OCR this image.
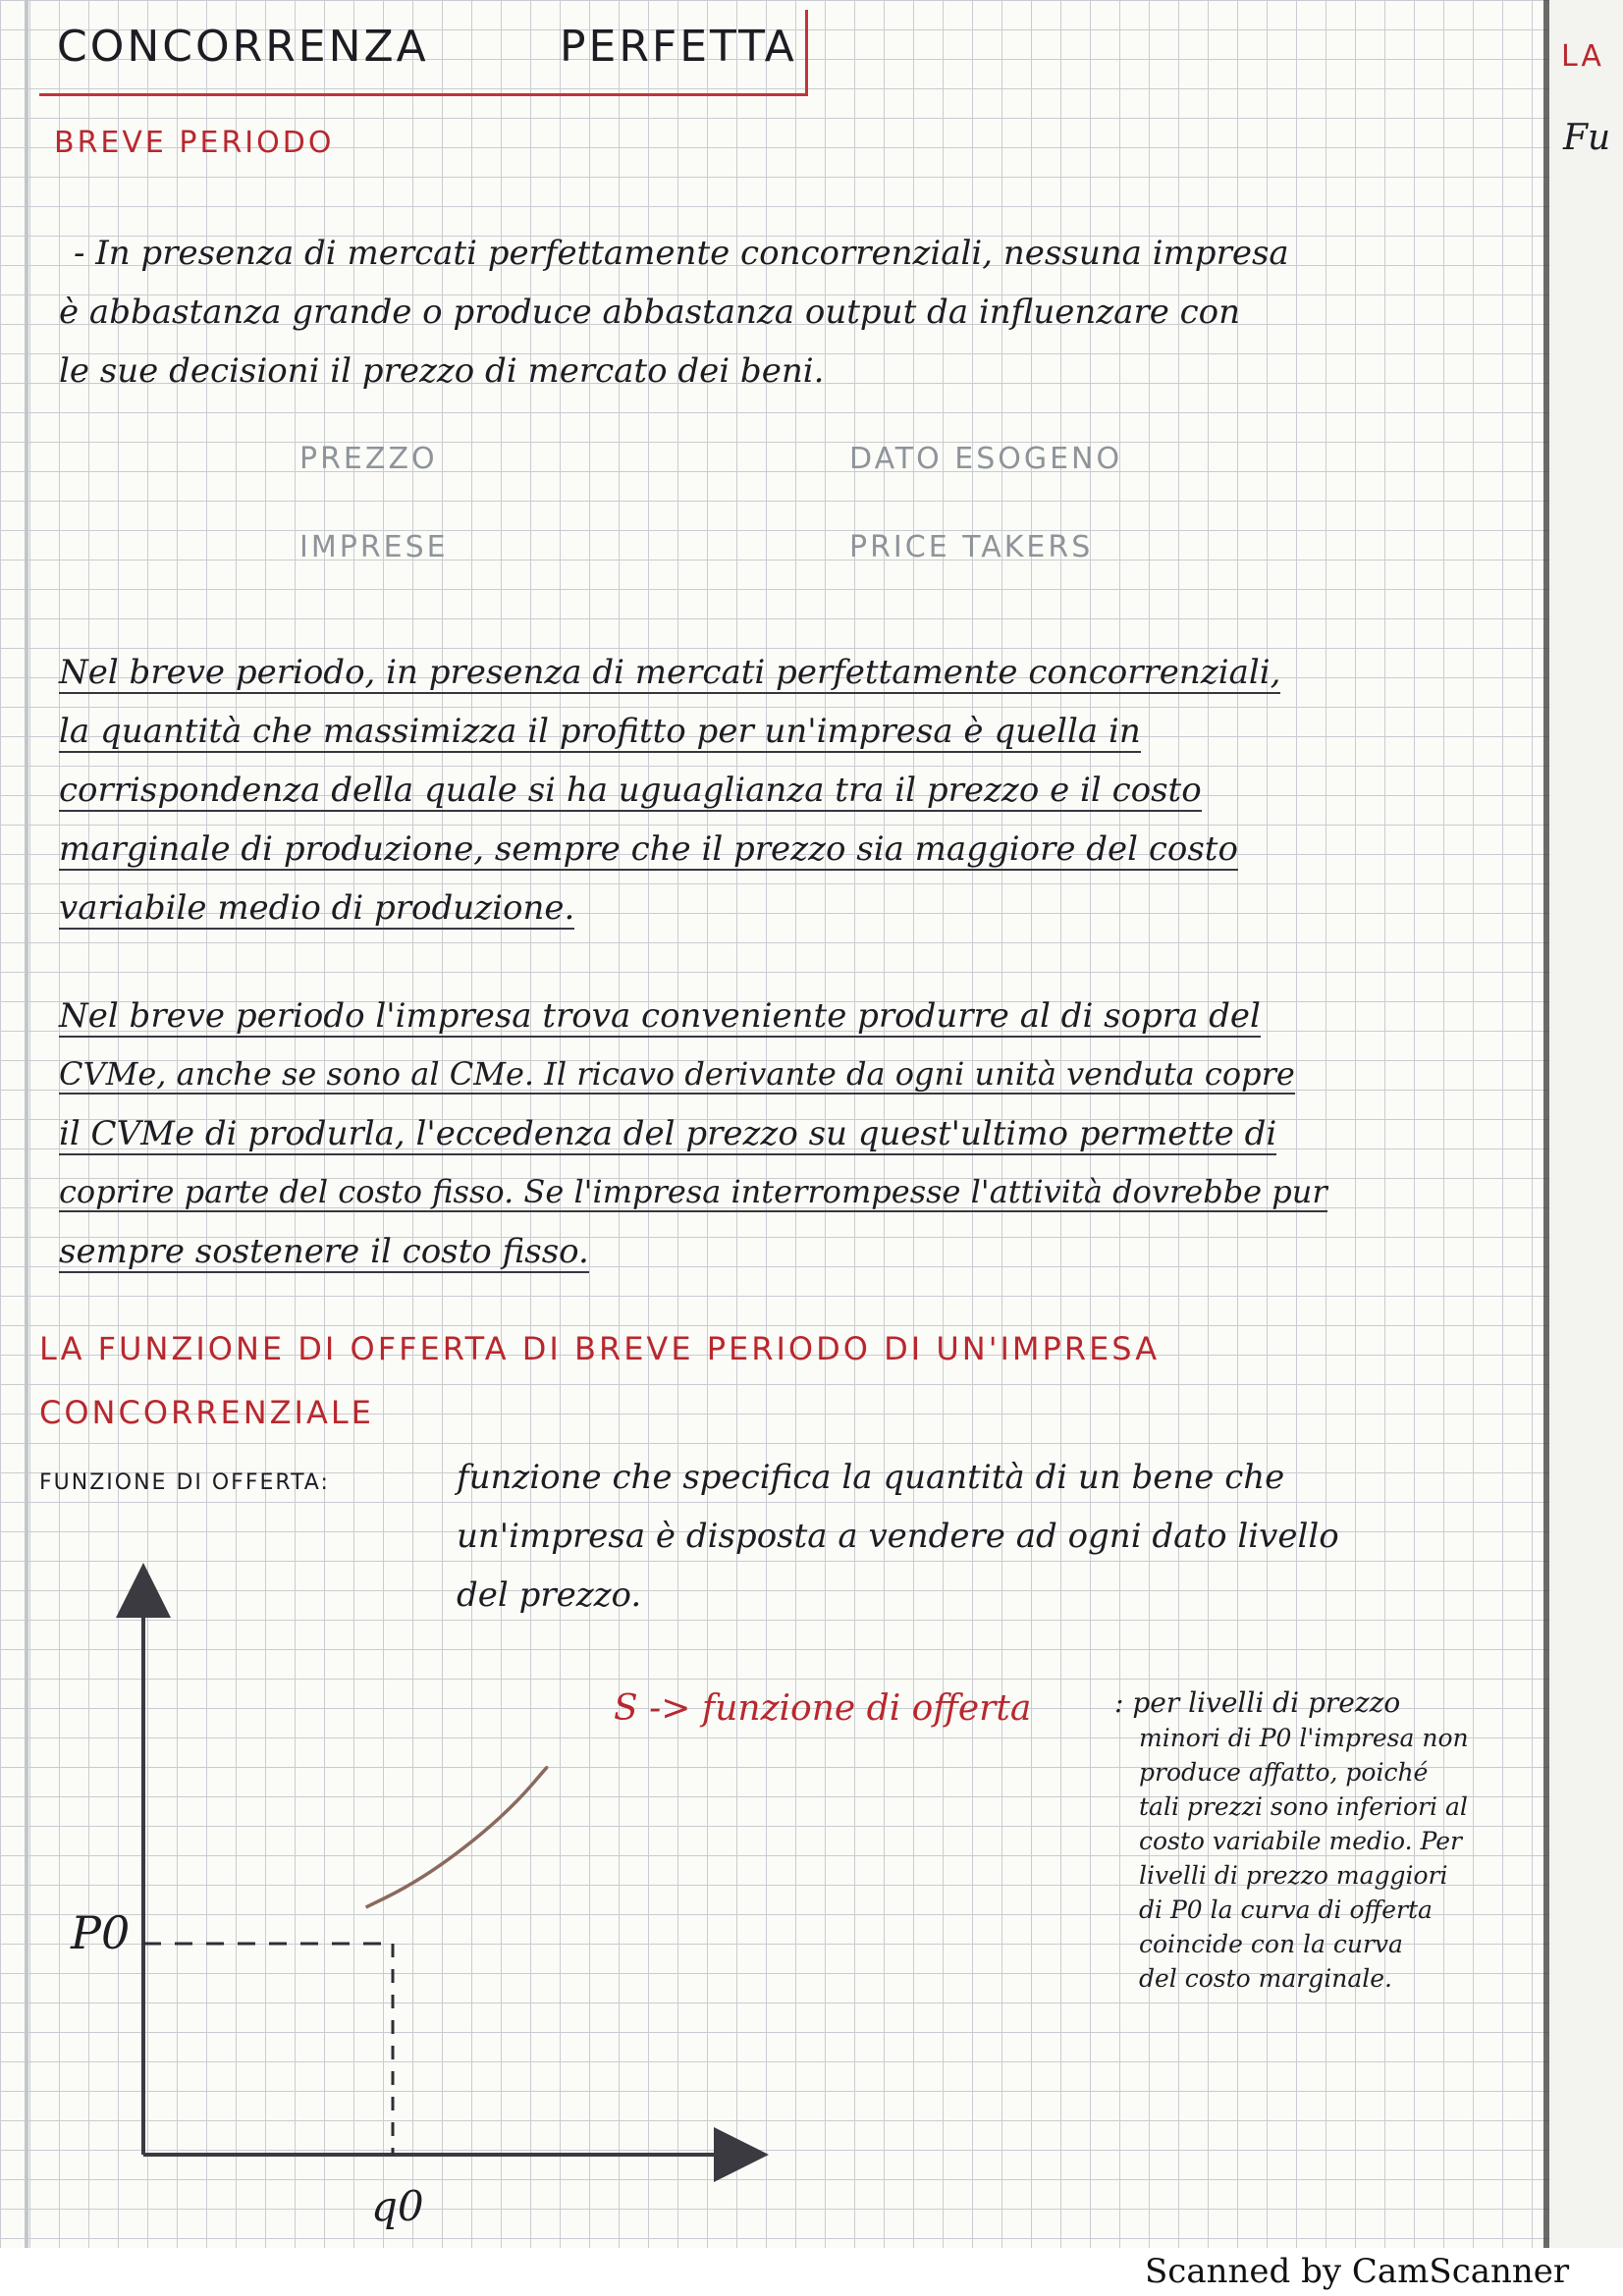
CONCORRENZA	PERFETTA
BREVE PERIODO
- In presenza di mercati perfettamente concorrenziali, nessuna impresa
è abbastanza grande o produce abbastanza output da influenzare con
le sue decisioni il prezzo di mercato dei beni.
PREZZO	DATO ESOGENO
IMPRESE	PRICE TAKERS
Nel breve periodo, in presenza di mercati perfettamente concorrenziali,
la quantità che massimizza il profitto per un'impresa è quella in
corrispondenza della quale si ha uguaglianza tra il prezzo e il costo
marginale di produzione, sempre che il prezzo sia maggiore del costo
variabile medio di produzione.
Nel breve periodo l'impresa trova conveniente produrre al di sopra del
CVMe, anche se sono al CMe. Il ricavo derivante da ogni unità venduta copre
il CVMe di produrla, l'eccedenza del prezzo su quest'ultimo permette di
coprire parte del costo fisso. Se l'impresa interrompesse l'attività dovrebbe pur
sempre sostenere il costo fisso.
LA FUNZIONE DI OFFERTA DI BREVE PERIODO DI UN'IMPRESA
CONCORRENZIALE
FUNZIONE DI OFFERTA:	funzione che specifica la quantità di un bene che
un'impresa è disposta a vendere ad ogni dato livello
del prezzo.
P0
q0
S -> funzione di offerta	: per livelli di prezzo
minori di P0 l'impresa non
produce affatto, poiché
tali prezzi sono inferiori al
costo variabile medio. Per
livelli di prezzo maggiori
di P0 la curva di offerta
coincide con la curva
del costo marginale.
LA
Fu
Scanned by CamScanner
